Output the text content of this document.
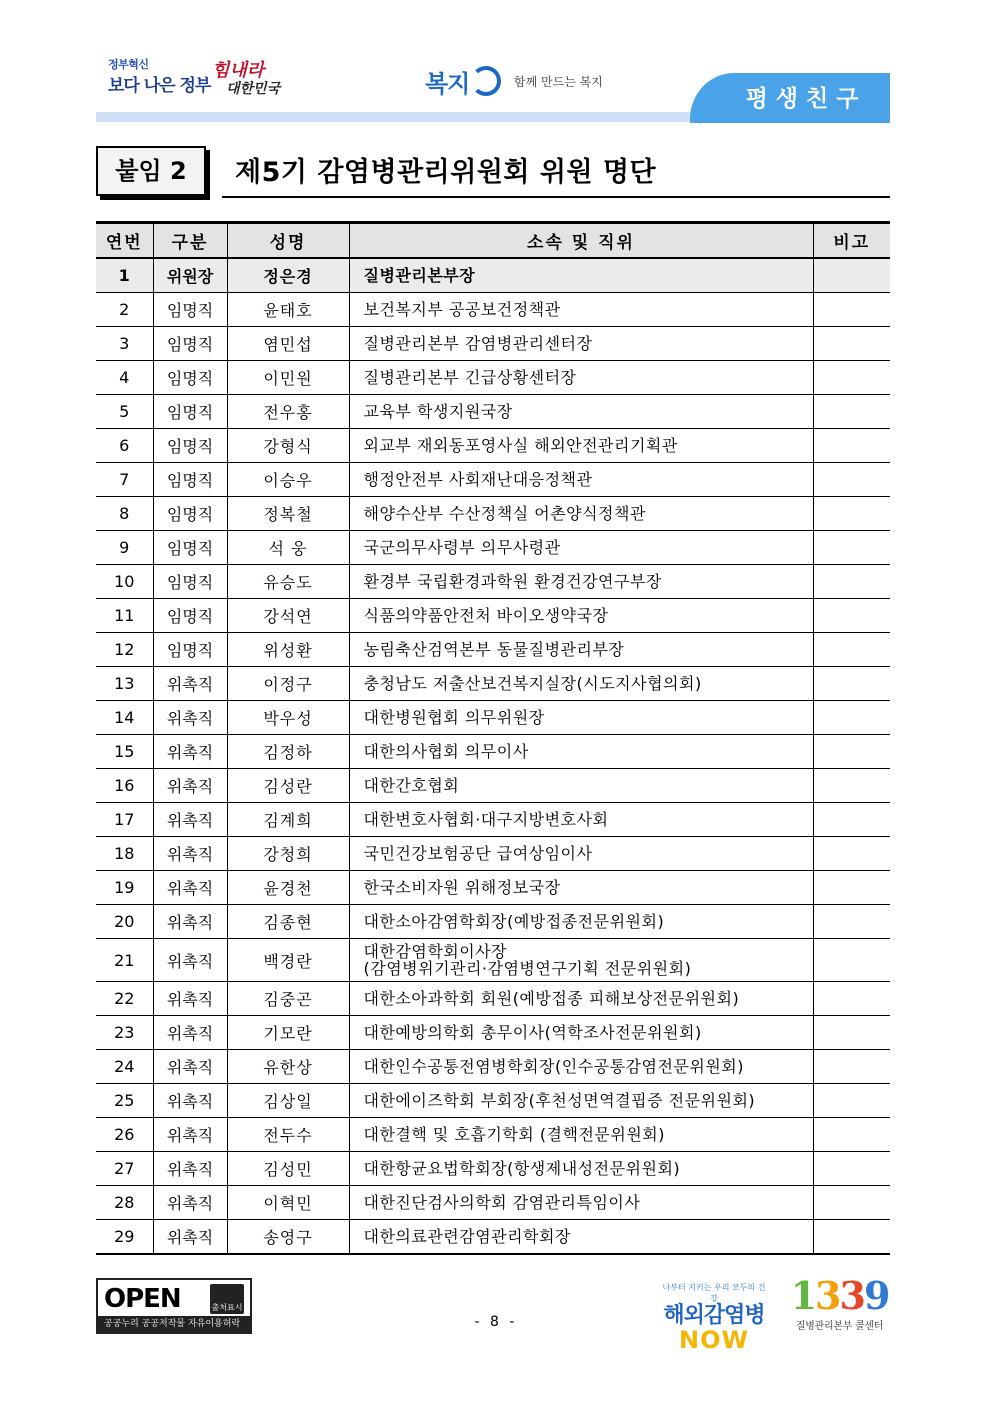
정부혁신
보다 나은 정부
힘내라
대한민국	복지	함께 만드는 복지
평생친구
붙임 2	제5기 감염병관리위원회 위원 명단
연번	구분	성명	소속 및 직위	비고
1	위원장	정은경	질병관리본부장	
2	임명직	윤태호	보건복지부 공공보건정책관	
3	임명직	염민섭	질병관리본부 감염병관리센터장	
4	임명직	이민원	질병관리본부 긴급상황센터장	
5	임명직	전우홍	교육부 학생지원국장	
6	임명직	강형식	외교부 재외동포영사실 해외안전관리기획관	
7	임명직	이승우	행정안전부 사회재난대응정책관	
8	임명직	정복철	해양수산부 수산정책실 어촌양식정책관	
9	임명직	석 웅	국군의무사령부 의무사령관	
10	임명직	유승도	환경부 국립환경과학원 환경건강연구부장	
11	임명직	강석연	식품의약품안전처 바이오생약국장	
12	임명직	위성환	농림축산검역본부 동물질병관리부장	
13	위촉직	이정구	충청남도 저출산보건복지실장(시도지사협의회)	
14	위촉직	박우성	대한병원협회 의무위원장	
15	위촉직	김정하	대한의사협회 의무이사	
16	위촉직	김성란	대한간호협회	
17	위촉직	김계희	대한변호사협회·대구지방변호사회	
18	위촉직	강청희	국민건강보험공단 급여상임이사	
19	위촉직	윤경천	한국소비자원 위해정보국장	
20	위촉직	김종현	대한소아감염학회장(예방접종전문위원회)	
21	위촉직	백경란	대한감염학회이사장
(감염병위기관리·감염병연구기획 전문위원회)	

22	위촉직	김중곤	대한소아과학회 회원(예방접종 피해보상전문위원회)	
23	위촉직	기모란	대한예방의학회 총무이사(역학조사전문위원회)	
24	위촉직	유한상	대한인수공통전염병학회장(인수공통감염전문위원회)	
25	위촉직	김상일	대한에이즈학회 부회장(후천성면역결핍증 전문위원회)	
26	위촉직	전두수	대한결핵 및 호흡기학회 (결핵전문위원회)	
27	위촉직	김성민	대한항균요법학회장(항생제내성전문위원회)	
28	위촉직	이혁민	대한진단검사의학회 감염관리특임이사	
29	위촉직	송영구	대한의료관련감염관리학회장	
OPEN	출처표시
공공누리 공공저작물 자유이용허락	- 8 -
나부터 지키는 우리 모두의 건강
해외감염병
NOW
1339
질병관리본부 콜센터
